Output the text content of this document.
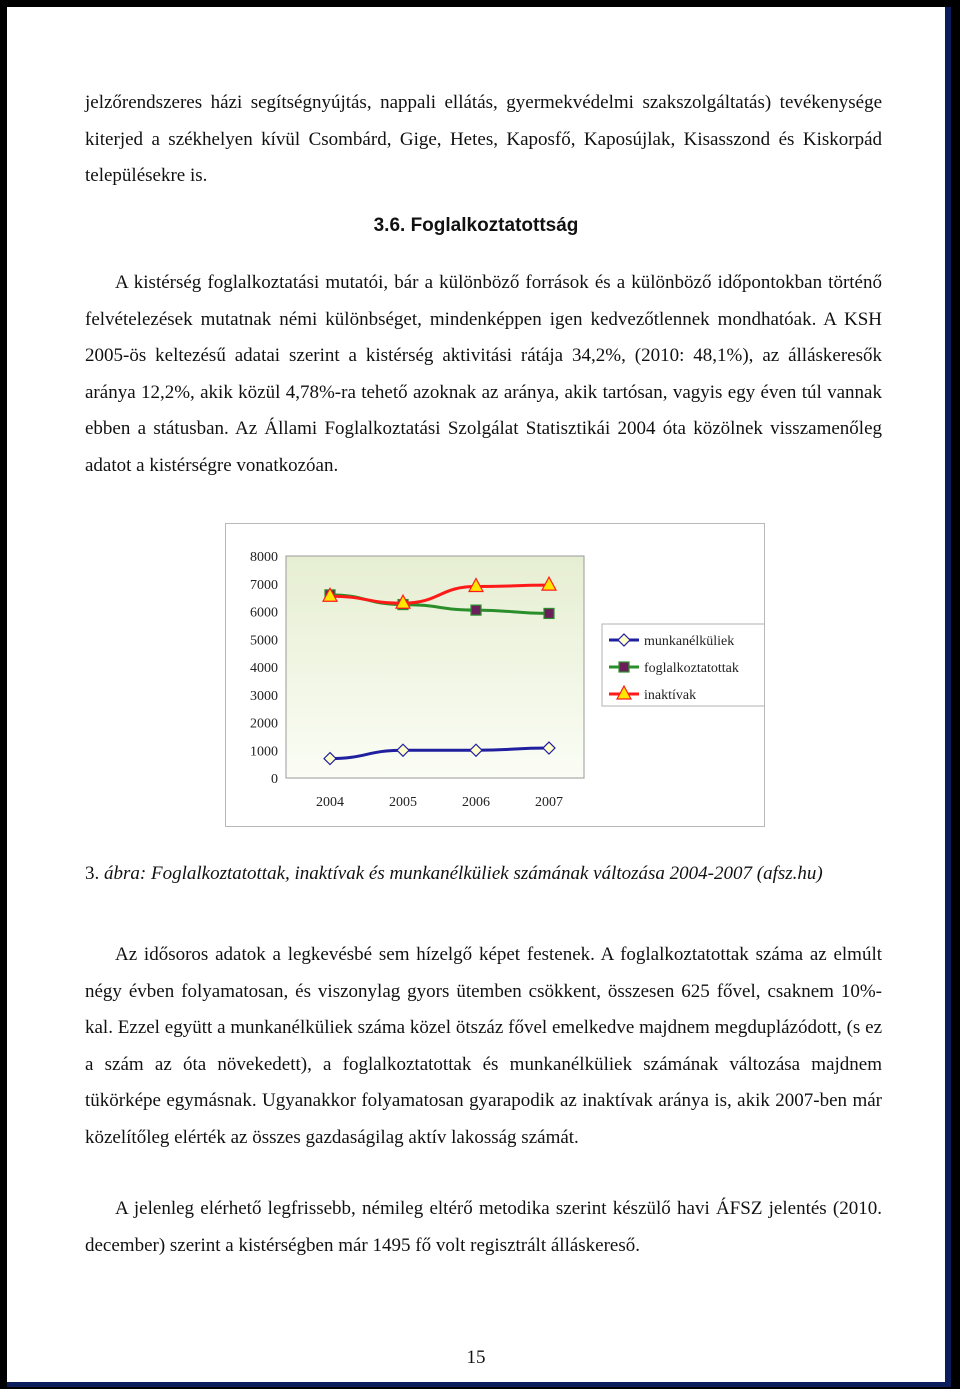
jelzőrendszeres házi segítségnyújtás, nappali ellátás, gyermekvédelmi szakszolgáltatás) tevékenysége kiterjed a székhelyen kívül Csombárd, Gige, Hetes, Kaposfő, Kaposújlak, Kisasszond és Kiskorpád településekre is.

3.6. Foglalkoztatottság

A kistérség foglalkoztatási mutatói, bár a különböző források és a különböző időpontokban történő felvételezések mutatnak némi különbséget, mindenképpen igen kedvezőtlennek mondhatóak. A KSH 2005-ös keltezésű adatai szerint a kistérség aktivitási rátája 34,2%, (2010: 48,1%), az álláskeresők aránya 12,2%, akik közül 4,78%-ra tehető azoknak az aránya, akik tartósan, vagyis egy éven túl vannak ebben a státusban. Az Állami Foglalkoztatási Szolgálat Statisztikái 2004 óta közölnek visszamenőleg adatot a kistérségre vonatkozóan.

8000
7000
6000
5000
4000
3000
2000
1000
0
2004	2005	2006	2007
munkanélküliek
foglalkoztatottak
inaktívak

3. ábra: Foglalkoztatottak, inaktívak és munkanélküliek számának változása 2004-2007 (afsz.hu)

Az idősoros adatok a legkevésbé sem hízelgő képet festenek. A foglalkoztatottak száma az elmúlt négy évben folyamatosan, és viszonylag gyors ütemben csökkent, összesen 625 fővel, csaknem 10%-kal. Ezzel együtt a munkanélküliek száma közel ötszáz fővel emelkedve majdnem megduplázódott, (s ez a szám az óta növekedett), a foglalkoztatottak és munkanélküliek számának változása majdnem tükörképe egymásnak. Ugyanakkor folyamatosan gyarapodik az inaktívak aránya is, akik 2007-ben már közelítőleg elérték az összes gazdaságilag aktív lakosság számát.

A jelenleg elérhető legfrissebb, némileg eltérő metodika szerint készülő havi ÁFSZ jelentés (2010. december) szerint a kistérségben már 1495 fő volt regisztrált álláskereső.

15
